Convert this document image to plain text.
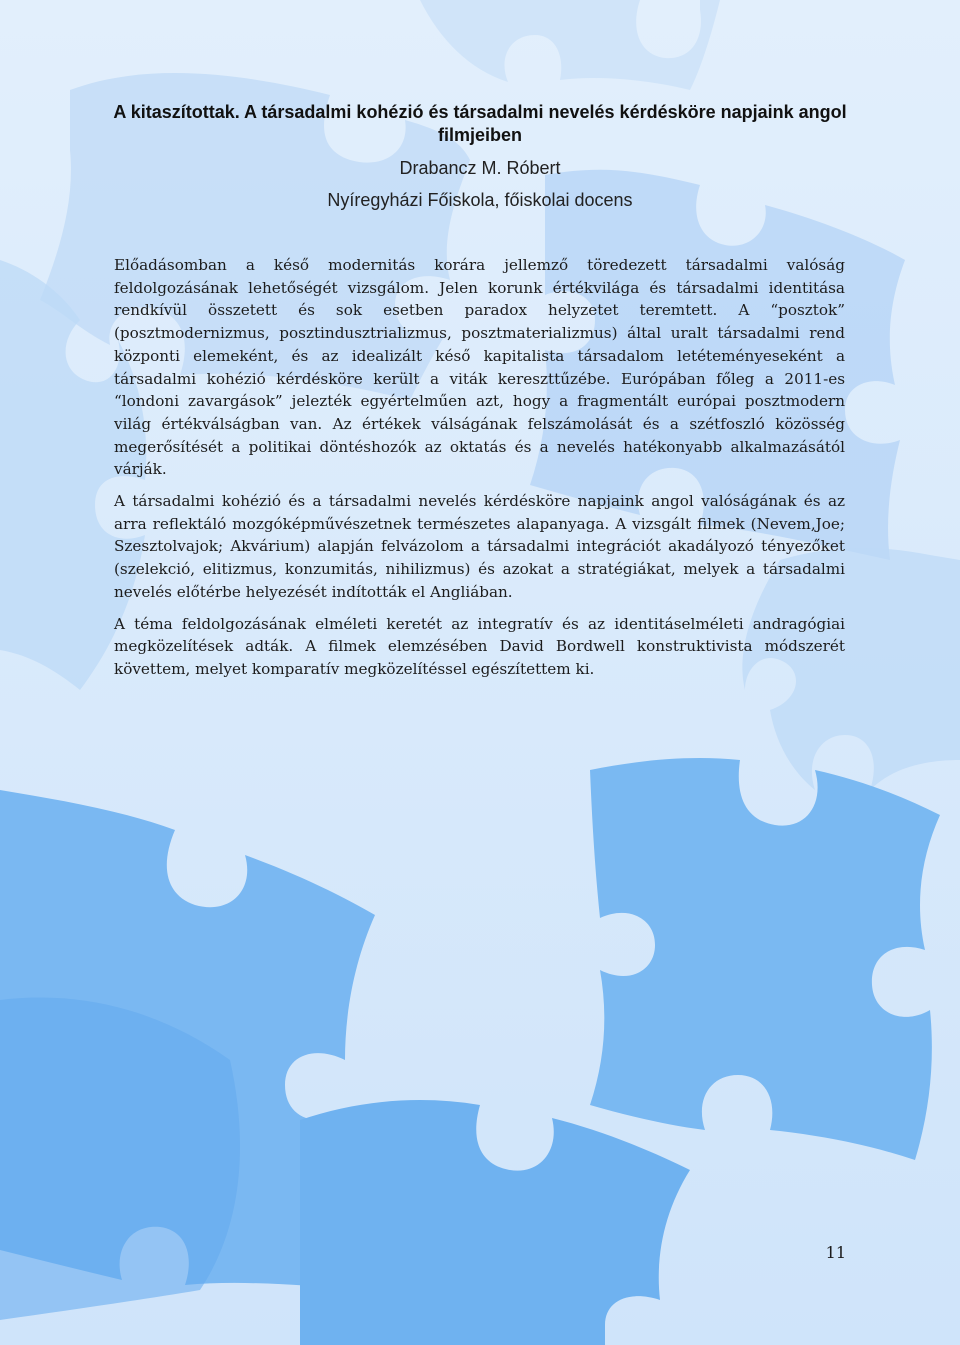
A kitaszítottak. A társadalmi kohézió és társadalmi nevelés kérdésköre napjaink angol filmjeiben
Drabancz M. Róbert
Nyíregyházi Főiskola, főiskolai docens

Előadásomban a késő modernitás korára jellemző töredezett társadalmi valóság feldolgozásának lehetőségét vizsgálom. Jelen korunk értékvilága és társadalmi identitása rendkívül összetett és sok esetben paradox helyzetet teremtett. A “posztok” (posztmodernizmus, posztindusztrializmus, posztmaterializmus) által uralt társadalmi rend központi elemeként, és az idealizált késő kapitalista társadalom letéteményeseként a társadalmi kohézió kérdésköre került a viták kereszttűzébe. Európában főleg a 2011-es “londoni zavargások” jelezték egyértelműen azt, hogy a fragmentált európai posztmodern világ értékválságban van. Az értékek válságának felszámolását és a szétfoszló közösség megerősítését a politikai döntéshozók az oktatás és a nevelés hatékonyabb alkalmazásától várják.

A társadalmi kohézió és a társadalmi nevelés kérdésköre napjaink angol valóságának és az arra reflektáló mozgóképművészetnek természetes alapanyaga. A vizsgált filmek (Nevem,Joe; Szesztolvajok; Akvárium) alapján felvázolom a társadalmi integrációt akadályozó tényezőket (szelekció, elitizmus, konzumitás, nihilizmus) és azokat a stratégiákat, melyek a társadalmi nevelés előtérbe helyezését indították el Angliában.

A téma feldolgozásának elméleti keretét az integratív és az identitáselméleti andragógiai megközelítések adták. A filmek elemzésében David Bordwell konstruktivista módszerét követtem, melyet komparatív megközelítéssel egészítettem ki.

11
